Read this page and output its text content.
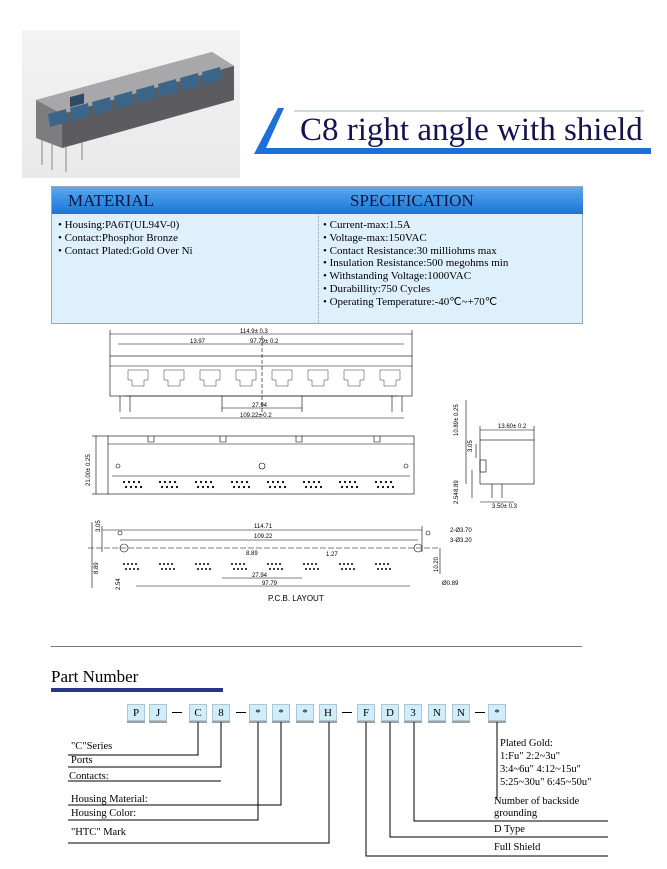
C8 right angle with shield
MATERIAL	SPECIFICATION
• Housing:PA6T(UL94V-0)
• Contact:Phosphor Bronze
• Contact Plated:Gold Over Ni
• Current-max:1.5A
• Voltage-max:150VAC
• Contact Resistance:30 milliohms max
• Insulation Resistance:500 megohms min
• Withstanding Voltage:1000VAC
• Durabillity:750 Cycles
• Operating Temperature:-40℃~+70℃
114.9± 0.3
13.97	97.79± 0.2
27.94
109.22± 0.2
21.00± 0.25
10.89± 0.25	13.60± 0.2
3.05
8.89
2.54
3.50± 0.3
3.05	114.71
109.22
2-Ø3.70
3-Ø3.20
8.89	1.27
10.20
8.89
27.94
2.54	97.79	Ø0.89
P.C.B. LAYOUT
Part Number
P	J	C	8	*	*	*	H	F	D	3	N	N	*
"C"Series
Ports
Contacts:
Housing Material:
Housing Color:
"HTC" Mark
Plated Gold:
1:Fu" 2:2~3u"
3:4~6u" 4:12~15u"
5:25~30u" 6:45~50u"
Number of backside
grounding
D Type
Full Shield
